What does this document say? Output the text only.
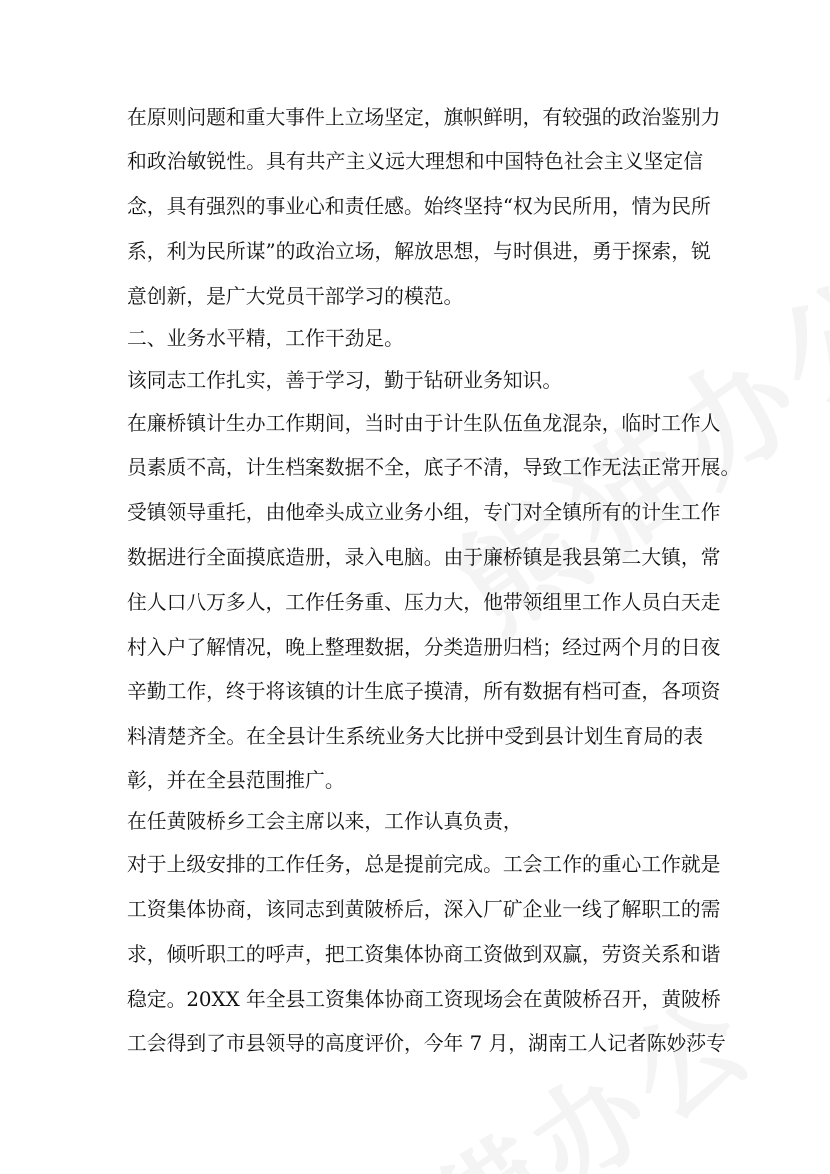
在原则问题和重大事件上立场坚定，旗帜鲜明，有较强的政治鉴别力

和政治敏锐性。具有共产主义远大理想和中国特色社会主义坚定信

念，具有强烈的事业心和责任感。始终坚持“权为民所用，情为民所

系，利为民所谋”的政治立场，解放思想，与时俱进，勇于探索，锐

意创新，是广大党员干部学习的模范。

二、业务水平精，工作干劲足。

该同志工作扎实，善于学习，勤于钻研业务知识。

在廉桥镇计生办工作期间，当时由于计生队伍鱼龙混杂，临时工作人

员素质不高，计生档案数据不全，底子不清，导致工作无法正常开展。

受镇领导重托，由他牵头成立业务小组，专门对全镇所有的计生工作

数据进行全面摸底造册，录入电脑。由于廉桥镇是我县第二大镇，常

住人口八万多人，工作任务重、压力大，他带领组里工作人员白天走

村入户了解情况，晚上整理数据，分类造册归档；经过两个月的日夜

辛勤工作，终于将该镇的计生底子摸清，所有数据有档可查，各项资

料清楚齐全。在全县计生系统业务大比拼中受到县计划生育局的表

彰，并在全县范围推广。

在任黄陂桥乡工会主席以来，工作认真负责，

对于上级安排的工作任务，总是提前完成。工会工作的重心工作就是

工资集体协商，该同志到黄陂桥后，深入厂矿企业一线了解职工的需

求，倾听职工的呼声，把工资集体协商工资做到双赢，劳资关系和谐

稳定。20XX 年全县工资集体协商工资现场会在黄陂桥召开，黄陂桥

工会得到了市县领导的高度评价，今年 7 月，湖南工人记者陈妙莎专
